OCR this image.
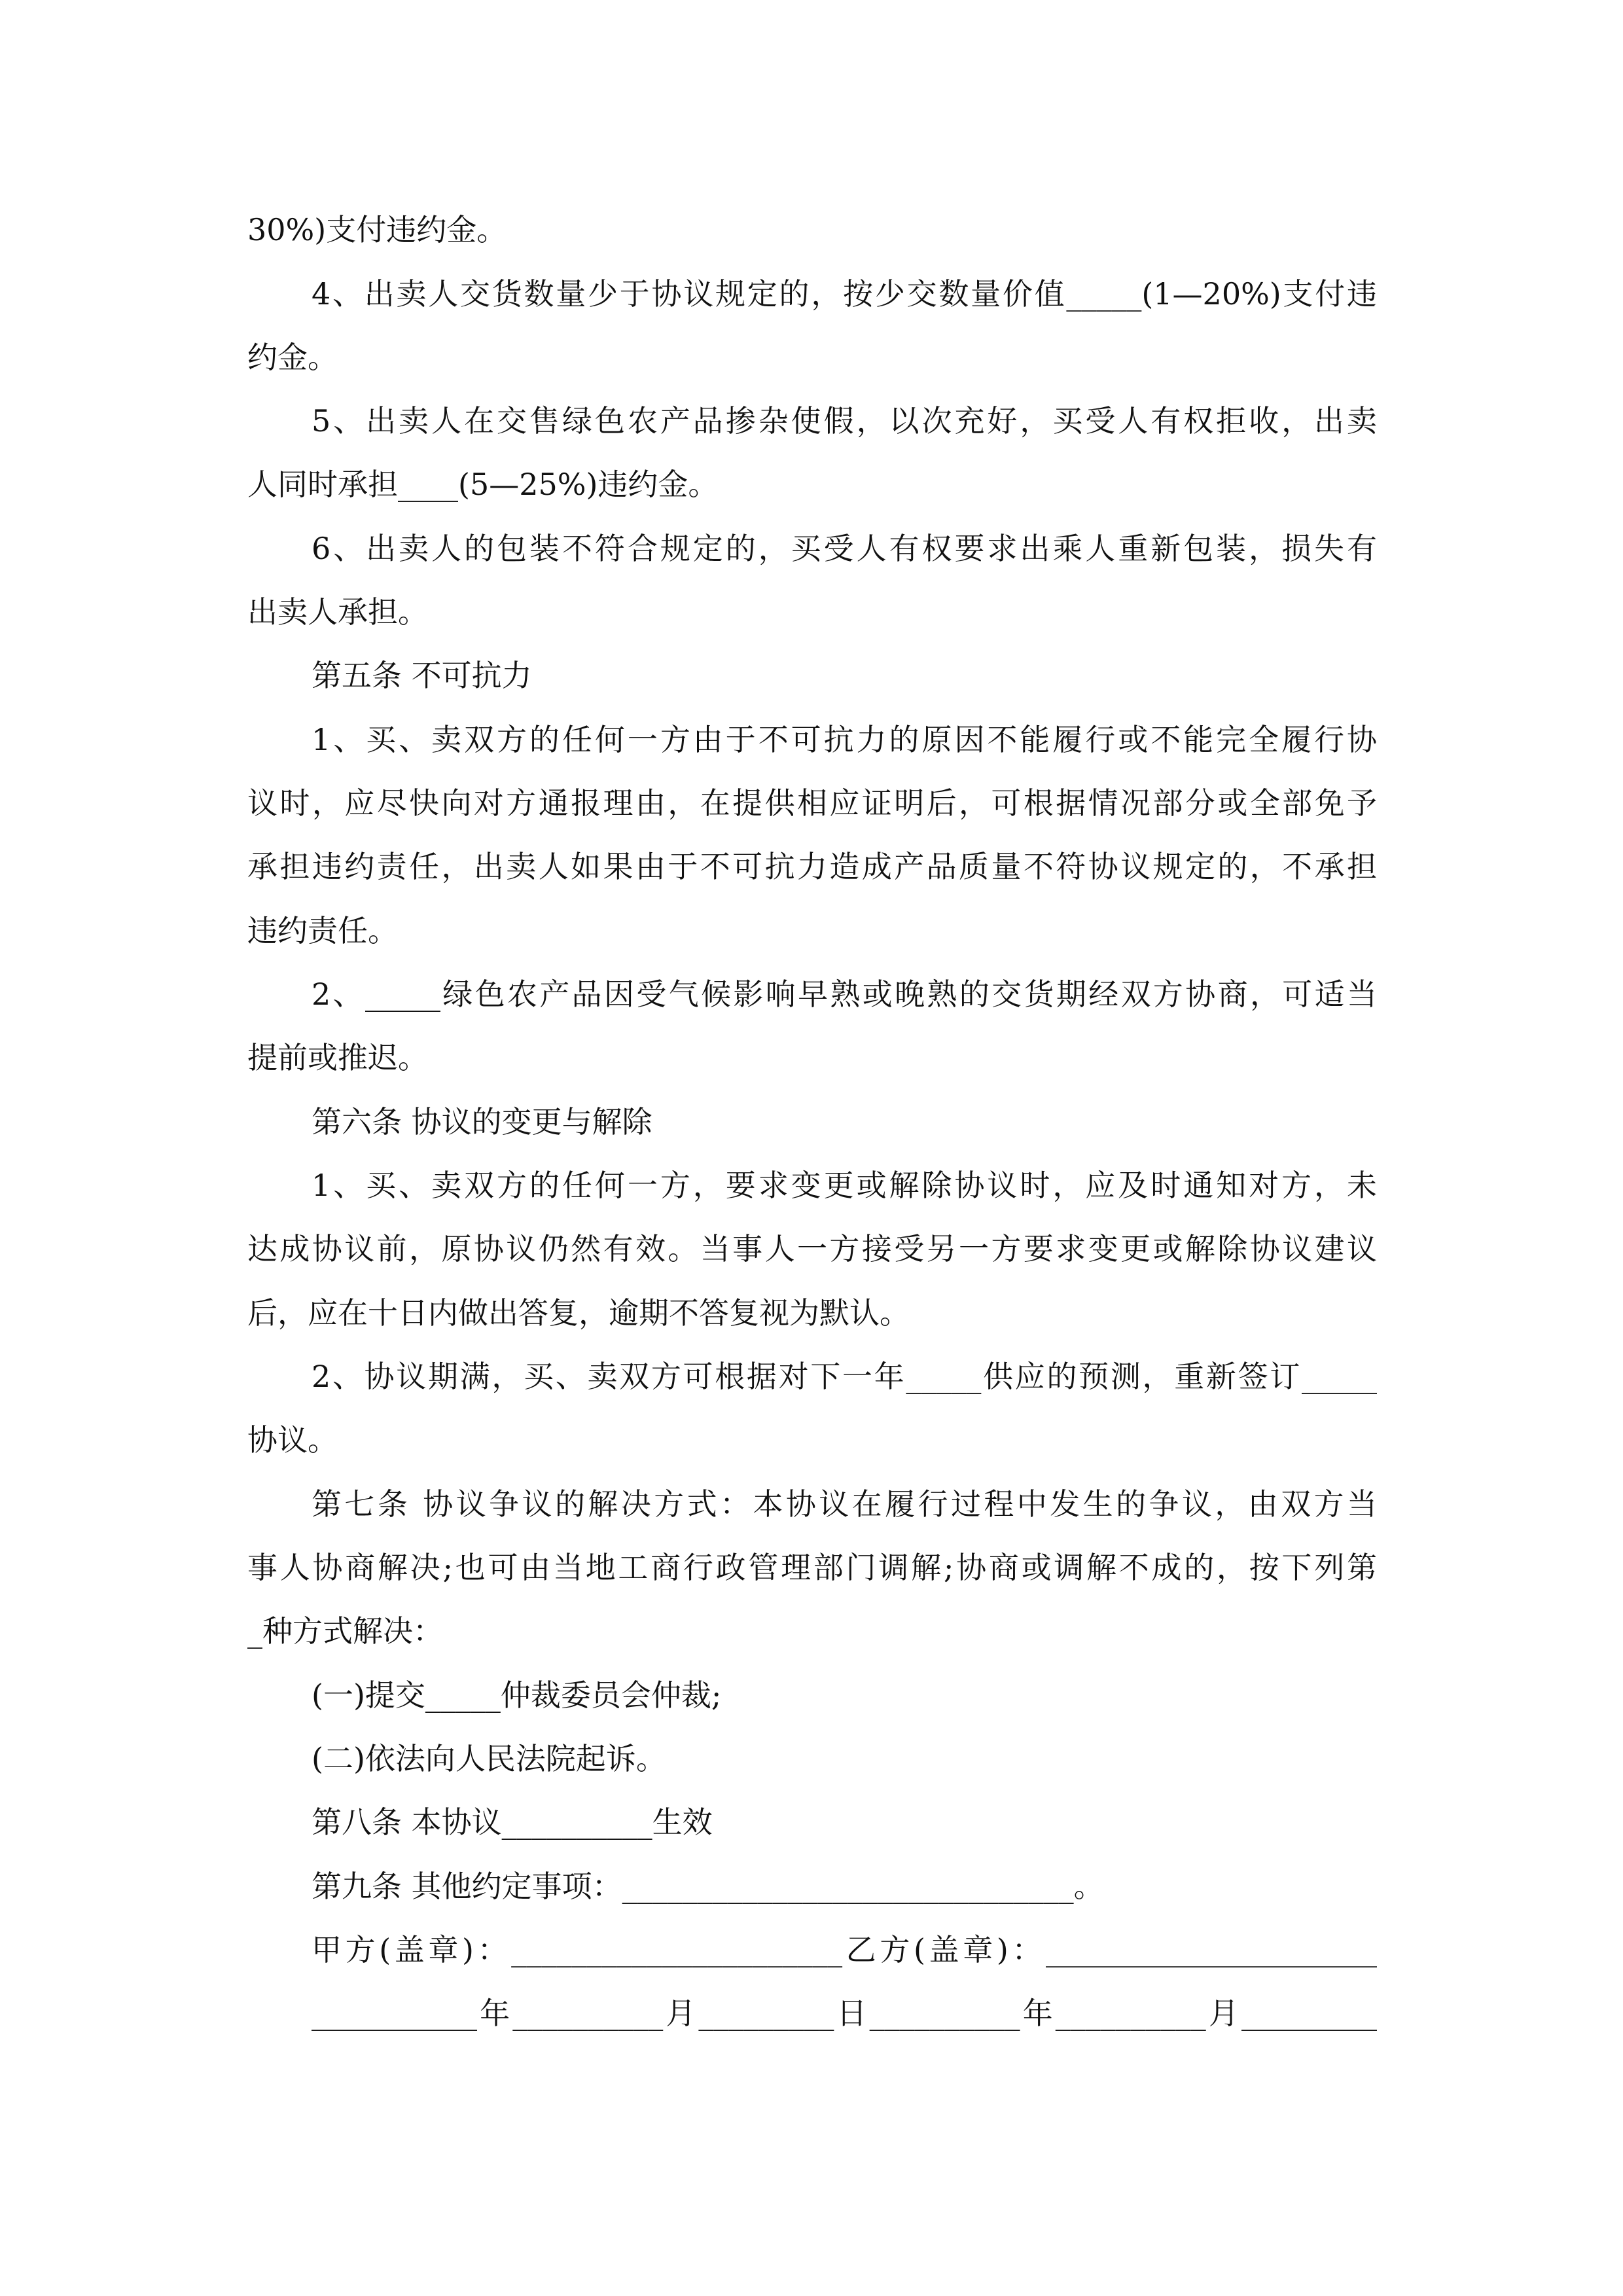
30%)支付违约金。
4、出卖人交货数量少于协议规定的，按少交数量价值_____(1—20%)支付违
约金。
5、出卖人在交售绿色农产品掺杂使假，以次充好，买受人有权拒收，出卖
人同时承担____(5—25%)违约金。
6、出卖人的包装不符合规定的，买受人有权要求出乘人重新包装，损失有
出卖人承担。
第五条 不可抗力
1、买、卖双方的任何一方由于不可抗力的原因不能履行或不能完全履行协
议时，应尽快向对方通报理由，在提供相应证明后，可根据情况部分或全部免予
承担违约责任，出卖人如果由于不可抗力造成产品质量不符协议规定的，不承担
违约责任。
2、_____绿色农产品因受气候影响早熟或晚熟的交货期经双方协商，可适当
提前或推迟。
第六条 协议的变更与解除
1、买、卖双方的任何一方，要求变更或解除协议时，应及时通知对方，未
达成协议前，原协议仍然有效。当事人一方接受另一方要求变更或解除协议建议
后，应在十日内做出答复，逾期不答复视为默认。
2、协议期满，买、卖双方可根据对下一年_____供应的预测，重新签订_____
协议。
第七条 协议争议的解决方式：本协议在履行过程中发生的争议，由双方当
事人协商解决;也可由当地工商行政管理部门调解;协商或调解不成的，按下列第
_种方式解决：
(一)提交_____仲裁委员会仲裁;
(二)依法向人民法院起诉。
第八条 本协议__________生效
第九条 其他约定事项：______________________________。
甲方(盖章)：______________________乙方(盖章)：______________________
___________年__________月_________日__________年__________月_________
